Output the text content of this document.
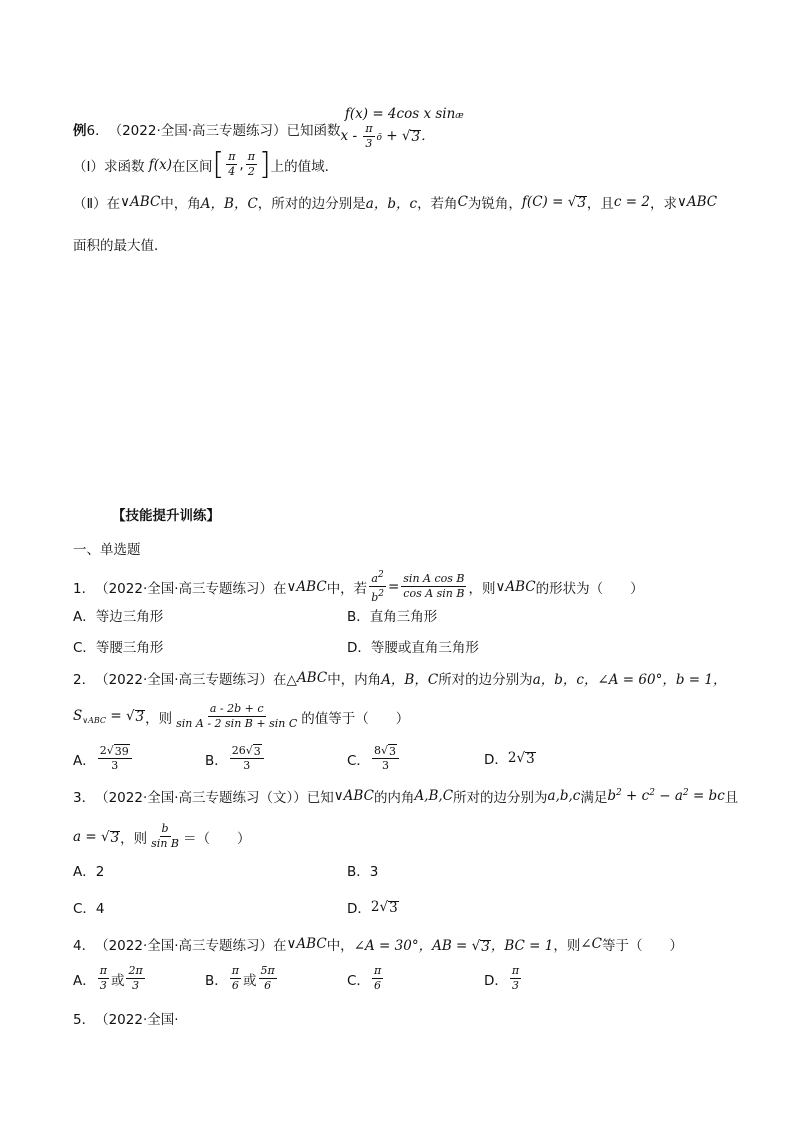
例 6． （2022·全国·高三专题练习） 已知函数
f(x) = 4cos x sinæ
x - $\frac{\pi}{3}$ ö + √ 3 ．
（Ⅰ） 求函数 f(x) 在区间 [ $\frac{\pi}{4}$ , $\frac{\pi}{2}$ ] 上的值域．
（Ⅱ） 在 ∨ABC 中，角 A，B，C ，所对的边分别是 a，b，c ，若角 C 为锐角， f(C) = √ 3 ，且 c = 2 ，求 ∨ABC
面积的最大值．
【技能提升训练】
一、单选题
1． （2022·全国·高三专题练习） 在 ∨ABC 中，若 $\frac{a^2}{b^2} = \frac{\text{sin A cos B}}{\text{cos A sin B}}$ ，则 ∨ABC 的形状为（　　）
A．等边三角形	B．直角三角形
C．等腰三角形	D．等腰或直角三角形
2． （2022·全国·高三专题练习） 在△ ABC 中，内角 A，B，C 所对的边分别为 a，b，c，∠A = 60°，b = 1，
$S_{\vee ABC}$ = √ 3 ，则 $\frac{a - 2b + c}{\text{sin A - 2 sin B + sin C}}$ 的值等于（　　）
A． $\frac{2 √ 39}{3}$	B． $\frac{26 √ 3}{3}$	C． $\frac{8 √ 3}{3}$	D． 2 √ 3
3． （2022·全国·高三专题练习（文）） 已知 ∨ABC 的内角 A,B,C 所对的边分别为 a,b,c 满足 $b^2 + c^2 - a^2$ = bc 且
a = √ 3 ，则 $\frac{b}{\text{sin B}}$ ＝（　　）
A．2	B．3
C．4	D． 2 √ 3
4． （2022·全国·高三专题练习） 在 ∨ABC 中， ∠A = 30°，AB = √ 3 ，BC = 1 ，则 ∠C 等于（　　）
A． $\frac{\pi}{3}$ 或 $\frac{2\pi}{3}$	B． $\frac{\pi}{6}$ 或 $\frac{5\pi}{6}$	C． $\frac{\pi}{6}$	D． $\frac{\pi}{3}$
5． （2022·全国·
